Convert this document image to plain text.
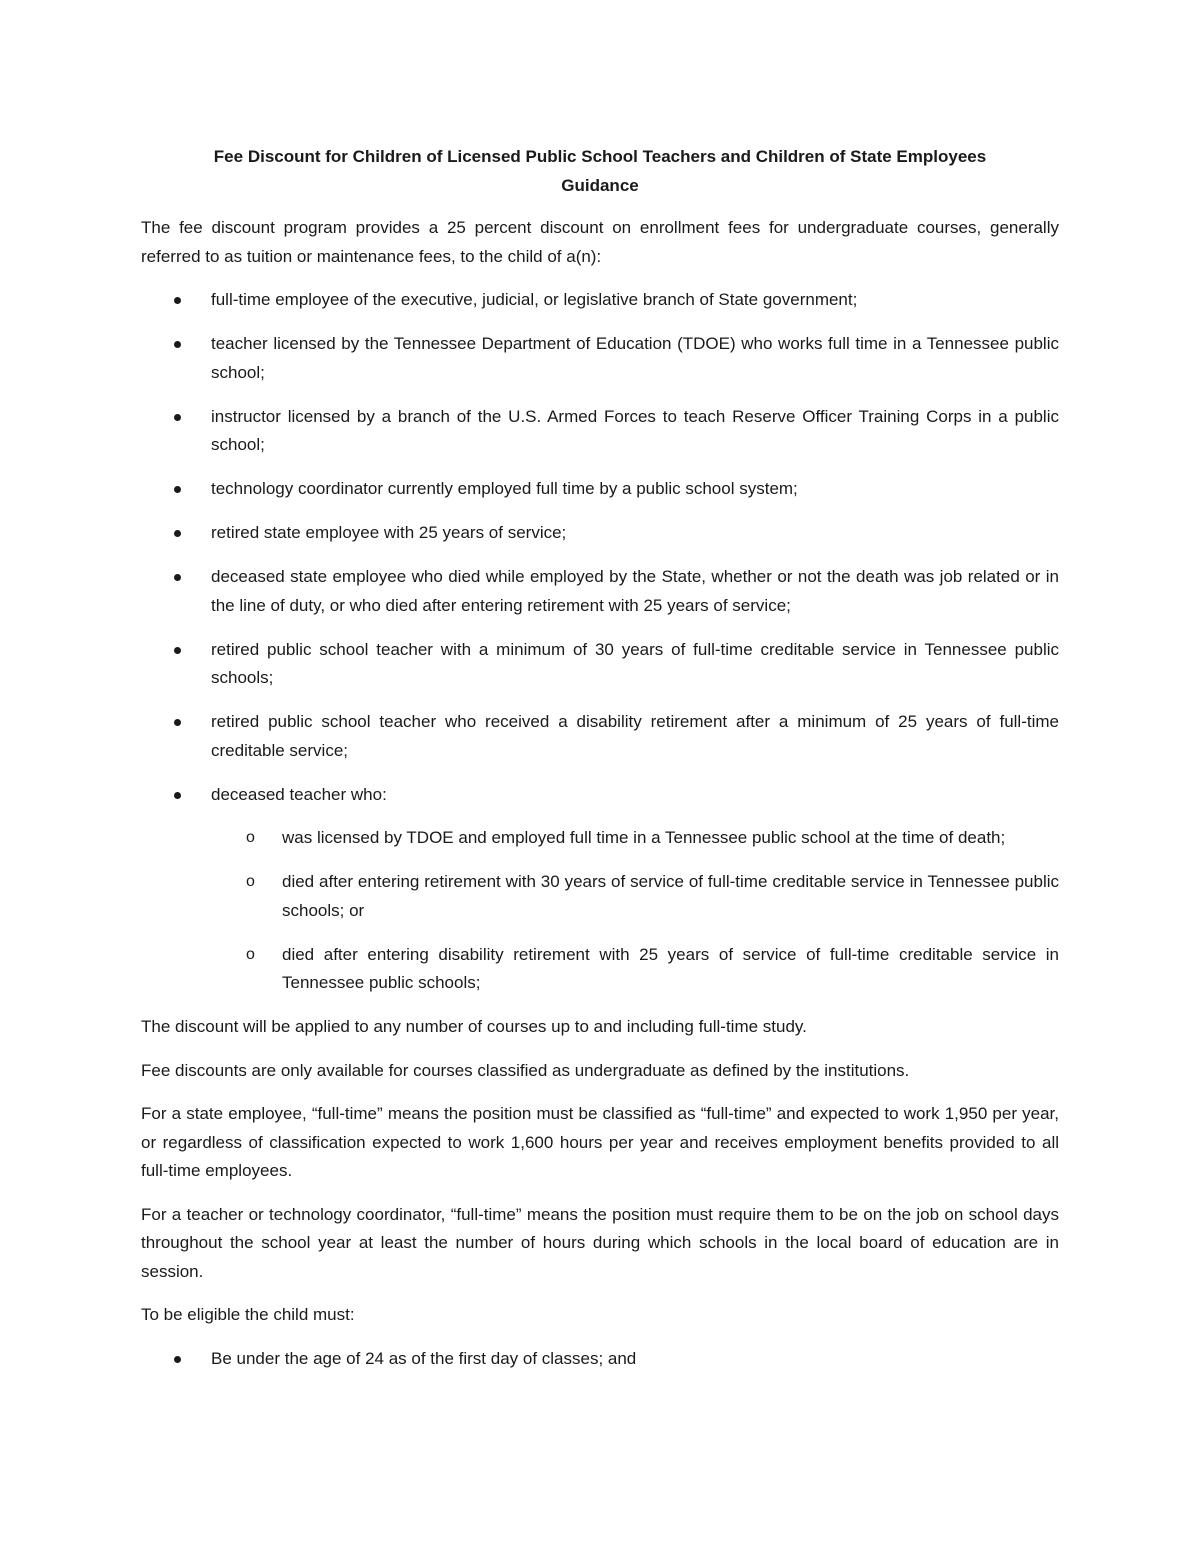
Fee Discount for Children of Licensed Public School Teachers and Children of State Employees
Guidance

The fee discount program provides a 25 percent discount on enrollment fees for undergraduate courses, generally referred to as tuition or maintenance fees, to the child of a(n):

full-time employee of the executive, judicial, or legislative branch of State government;
teacher licensed by the Tennessee Department of Education (TDOE) who works full time in a Tennessee public school;
instructor licensed by a branch of the U.S. Armed Forces to teach Reserve Officer Training Corps in a public school;
technology coordinator currently employed full time by a public school system;
retired state employee with 25 years of service;
deceased state employee who died while employed by the State, whether or not the death was job related or in the line of duty, or who died after entering retirement with 25 years of service;
retired public school teacher with a minimum of 30 years of full-time creditable service in Tennessee public schools;
retired public school teacher who received a disability retirement after a minimum of 25 years of full-time creditable service;
deceased teacher who:
o was licensed by TDOE and employed full time in a Tennessee public school at the time of death;
o died after entering retirement with 30 years of service of full-time creditable service in Tennessee public schools; or
o died after entering disability retirement with 25 years of service of full-time creditable service in Tennessee public schools;

The discount will be applied to any number of courses up to and including full-time study.

Fee discounts are only available for courses classified as undergraduate as defined by the institutions.

For a state employee, “full-time” means the position must be classified as “full-time” and expected to work 1,950 per year, or regardless of classification expected to work 1,600 hours per year and receives employment benefits provided to all full-time employees.

For a teacher or technology coordinator, “full-time” means the position must require them to be on the job on school days throughout the school year at least the number of hours during which schools in the local board of education are in session.

To be eligible the child must:

Be under the age of 24 as of the first day of classes; and
